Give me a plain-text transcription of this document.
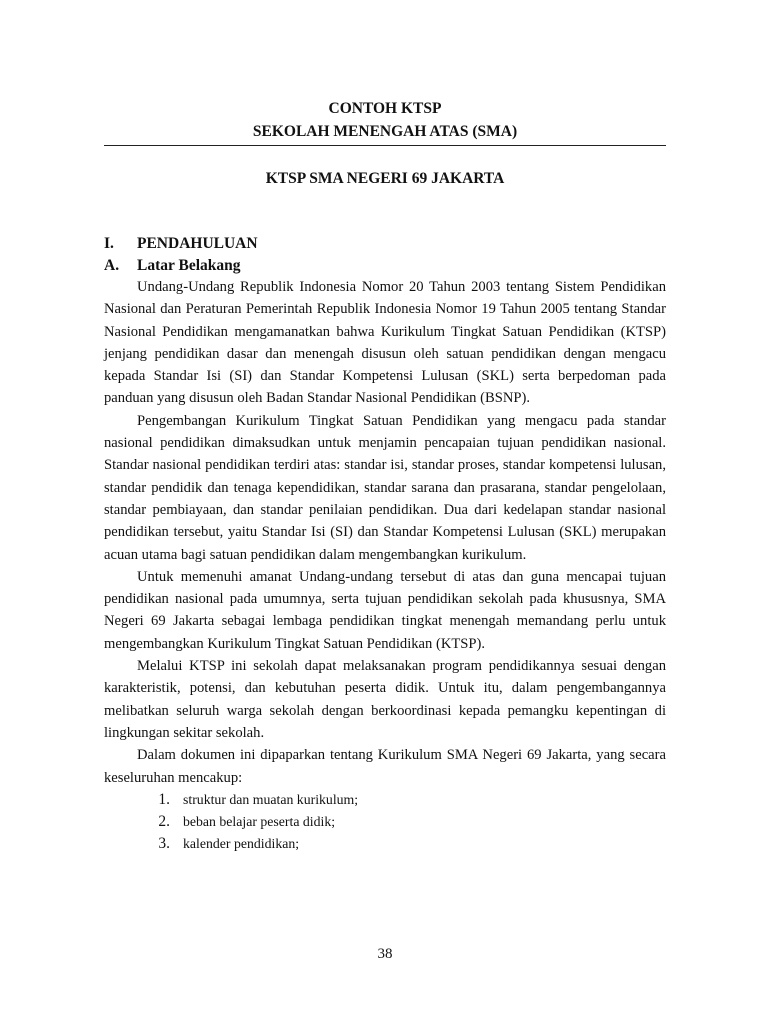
CONTOH KTSP
SEKOLAH MENENGAH ATAS (SMA)
KTSP SMA NEGERI 69 JAKARTA
I.	PENDAHULUAN
A.	Latar Belakang

Undang-Undang Republik Indonesia Nomor 20 Tahun 2003 tentang Sistem Pendidikan Nasional dan Peraturan Pemerintah Republik Indonesia Nomor 19 Tahun 2005 tentang Standar Nasional Pendidikan mengamanatkan bahwa Kurikulum Tingkat Satuan Pendidikan (KTSP) jenjang pendidikan dasar dan menengah disusun oleh satuan pendidikan dengan mengacu kepada Standar Isi (SI) dan Standar Kompetensi Lulusan (SKL) serta berpedoman pada panduan yang disusun oleh Badan Standar Nasional Pendidikan (BSNP).

Pengembangan Kurikulum Tingkat Satuan Pendidikan yang mengacu pada standar nasional pendidikan dimaksudkan untuk menjamin pencapaian tujuan pendidikan nasional. Standar nasional pendidikan terdiri atas: standar isi, standar proses, standar kompetensi lulusan, standar pendidik dan tenaga kependidikan, standar sarana dan prasarana, standar pengelolaan, standar pembiayaan, dan standar penilaian pendidikan. Dua dari kedelapan standar nasional pendidikan tersebut, yaitu Standar Isi (SI) dan Standar Kompetensi Lulusan (SKL) merupakan acuan utama bagi satuan pendidikan dalam mengembangkan kurikulum.

Untuk memenuhi amanat Undang-undang tersebut di atas dan guna mencapai tujuan pendidikan nasional pada umumnya, serta tujuan pendidikan sekolah pada khususnya, SMA Negeri 69 Jakarta sebagai lembaga pendidikan tingkat menengah memandang perlu untuk mengembangkan Kurikulum Tingkat Satuan Pendidikan (KTSP).

Melalui KTSP ini sekolah dapat melaksanakan program pendidikannya sesuai dengan karakteristik, potensi, dan kebutuhan peserta didik. Untuk itu, dalam pengembangannya melibatkan seluruh warga sekolah dengan berkoordinasi kepada pemangku kepentingan di lingkungan sekitar sekolah.

Dalam dokumen ini dipaparkan tentang Kurikulum SMA Negeri 69 Jakarta, yang secara keseluruhan mencakup:

1. struktur dan muatan kurikulum;
2. beban belajar peserta didik;
3. kalender pendidikan;
38
